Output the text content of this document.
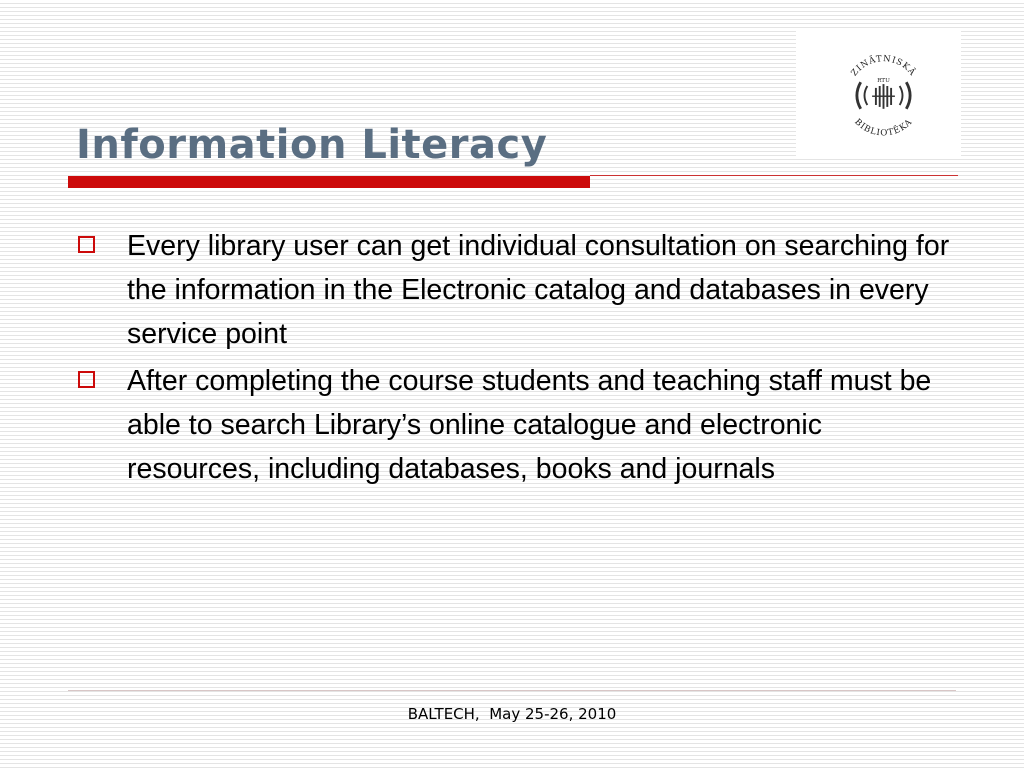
ZINĀTNISKĀ
BIBLIOTĒKA
RTU
Information Literacy
Every library user can get individual consultation on searching for the information in the Electronic catalog and databases in every service point
After completing the course students and teaching staff must be able to search Library’s online catalogue and electronic resources, including databases, books and journals
BALTECH,  May 25-26, 2010
